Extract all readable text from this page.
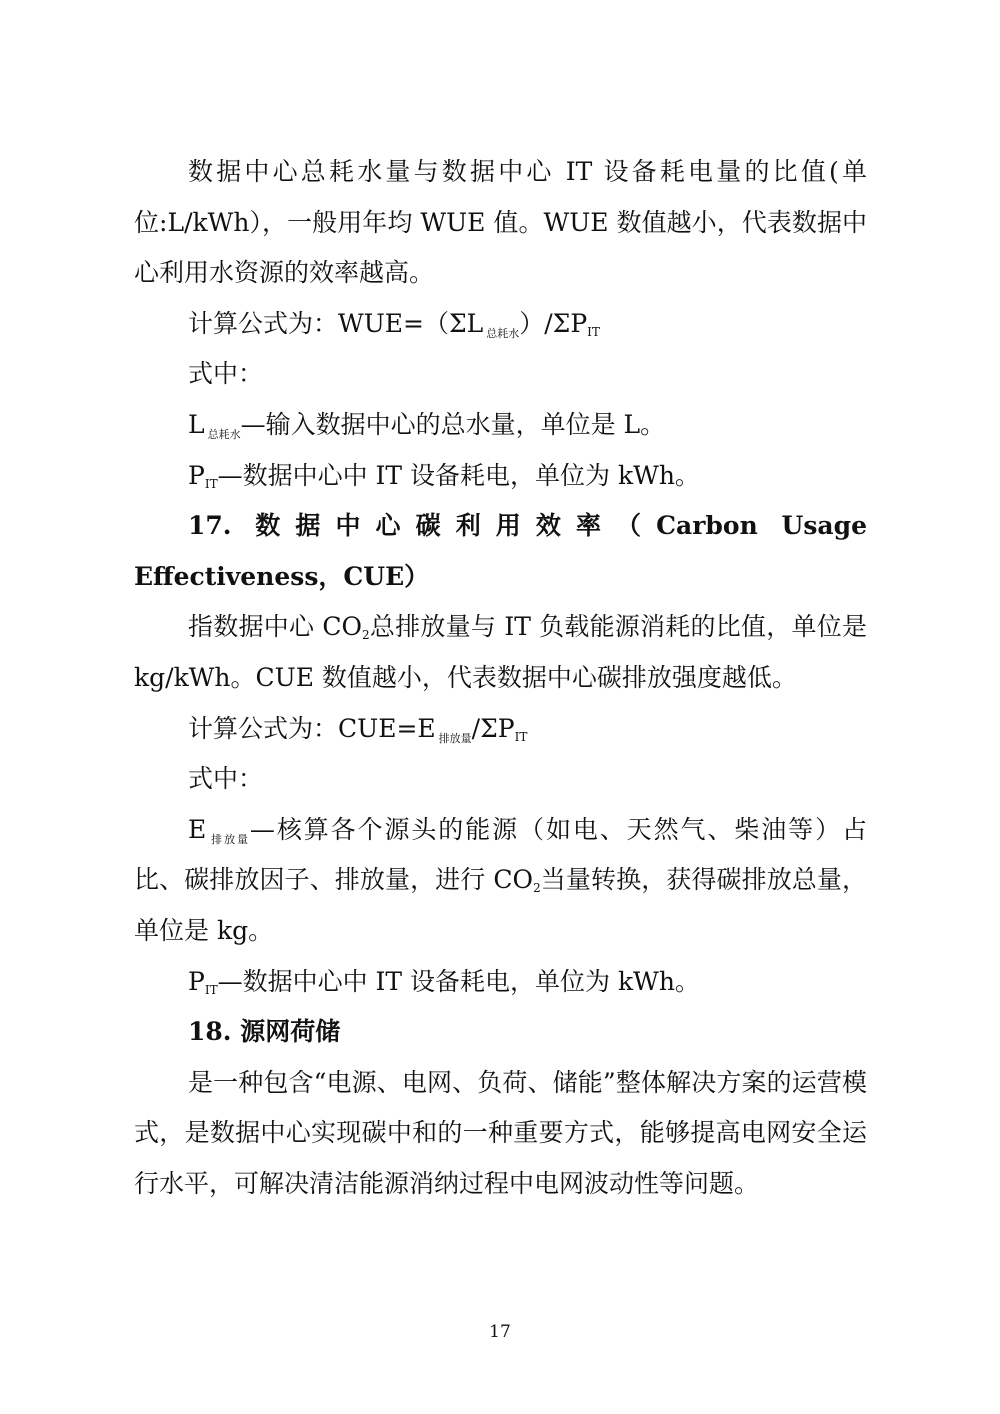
数据中心总耗水量与数据中心 IT 设备耗电量的比值(单位:L/kWh），一般用年均 WUE 值。WUE 数值越小，代表数据中心利用水资源的效率越高。

计算公式为：WUE=（ΣL $_{总耗水})/\Sigma P_{IT}$

式中：

L $_{总耗水}$—输入数据中心的总水量，单位是 L。

$P_{IT}—$数据中心中 IT 设备耗电，单位为 kWh。

17. 数据中心碳利用效率（Carbon Usage Effectiveness，CUE）

指数据中心 $CO_2$总排放量与 IT 负载能源消耗的比值，单位是 kg/kWh。CUE 数值越小，代表数据中心碳排放强度越低。

计算公式为：CUE=E $_{排放量}/\Sigma P_{IT}$

式中：

E $_{排放量}$—核算各个源头的能源（如电、天然气、柴油等）占比、碳排放因子、排放量，进行 $CO_2$当量转换，获得碳排放总量，单位是 kg。

$P_{IT}—$数据中心中 IT 设备耗电，单位为 kWh。

18. 源网荷储

是一种包含“电源、电网、负荷、储能”整体解决方案的运营模式，是数据中心实现碳中和的一种重要方式，能够提高电网安全运行水平，可解决清洁能源消纳过程中电网波动性等问题。

17
